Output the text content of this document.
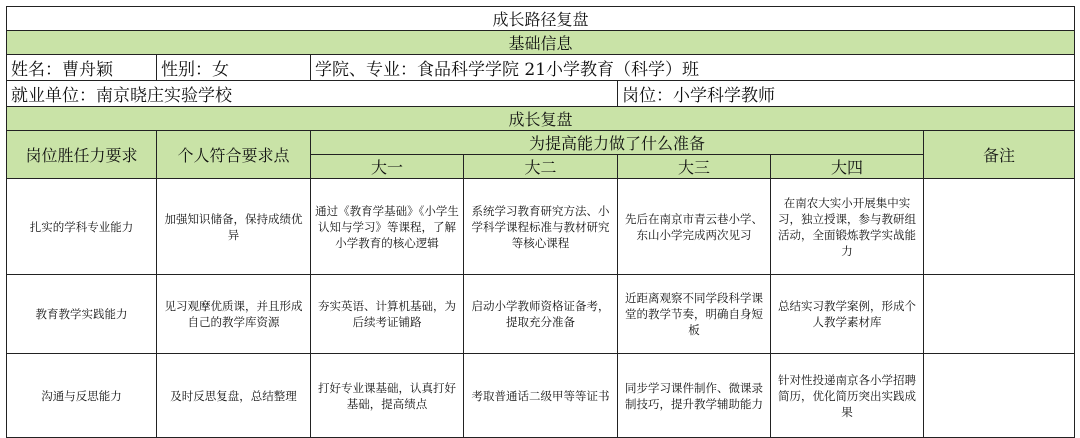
成长路径复盘						
基础信息						
姓名：曹舟颖	性别：女	学院、专业：食品科学学院 21小学教育（科学）班				
就业单位：南京晓庄实验学校				岗位：小学科学教师		
成长复盘						
岗位胜任力要求	个人符合要求点	为提高能力做了什么准备				备注
		大一	大二	大三	大四	
扎实的学科专业能力	加强知识储备，保持成绩优异	通过《教育学基础》《小学生认知与学习》等课程，了解小学教育的核心逻辑	系统学习教育研究方法、小学科学课程标准与教材研究等核心课程	先后在南京市青云巷小学、东山小学完成两次见习	在南农大实小开展集中实习，独立授课，参与教研组活动，全面锻炼教学实战能力	
教育教学实践能力	见习观摩优质课，并且形成自己的教学库资源	夯实英语、计算机基础，为后续考证铺路	启动小学教师资格证备考，提取充分准备	近距离观察不同学段科学课堂的教学节奏，明确自身短板	总结实习教学案例，形成个人教学素材库	
沟通与反思能力	及时反思复盘，总结整理	打好专业课基础，认真打好基础，提高绩点	考取普通话二级甲等等证书	同步学习课件制作、微课录制技巧，提升教学辅助能力	针对性投递南京各小学招聘简历，优化简历突出实践成果	
